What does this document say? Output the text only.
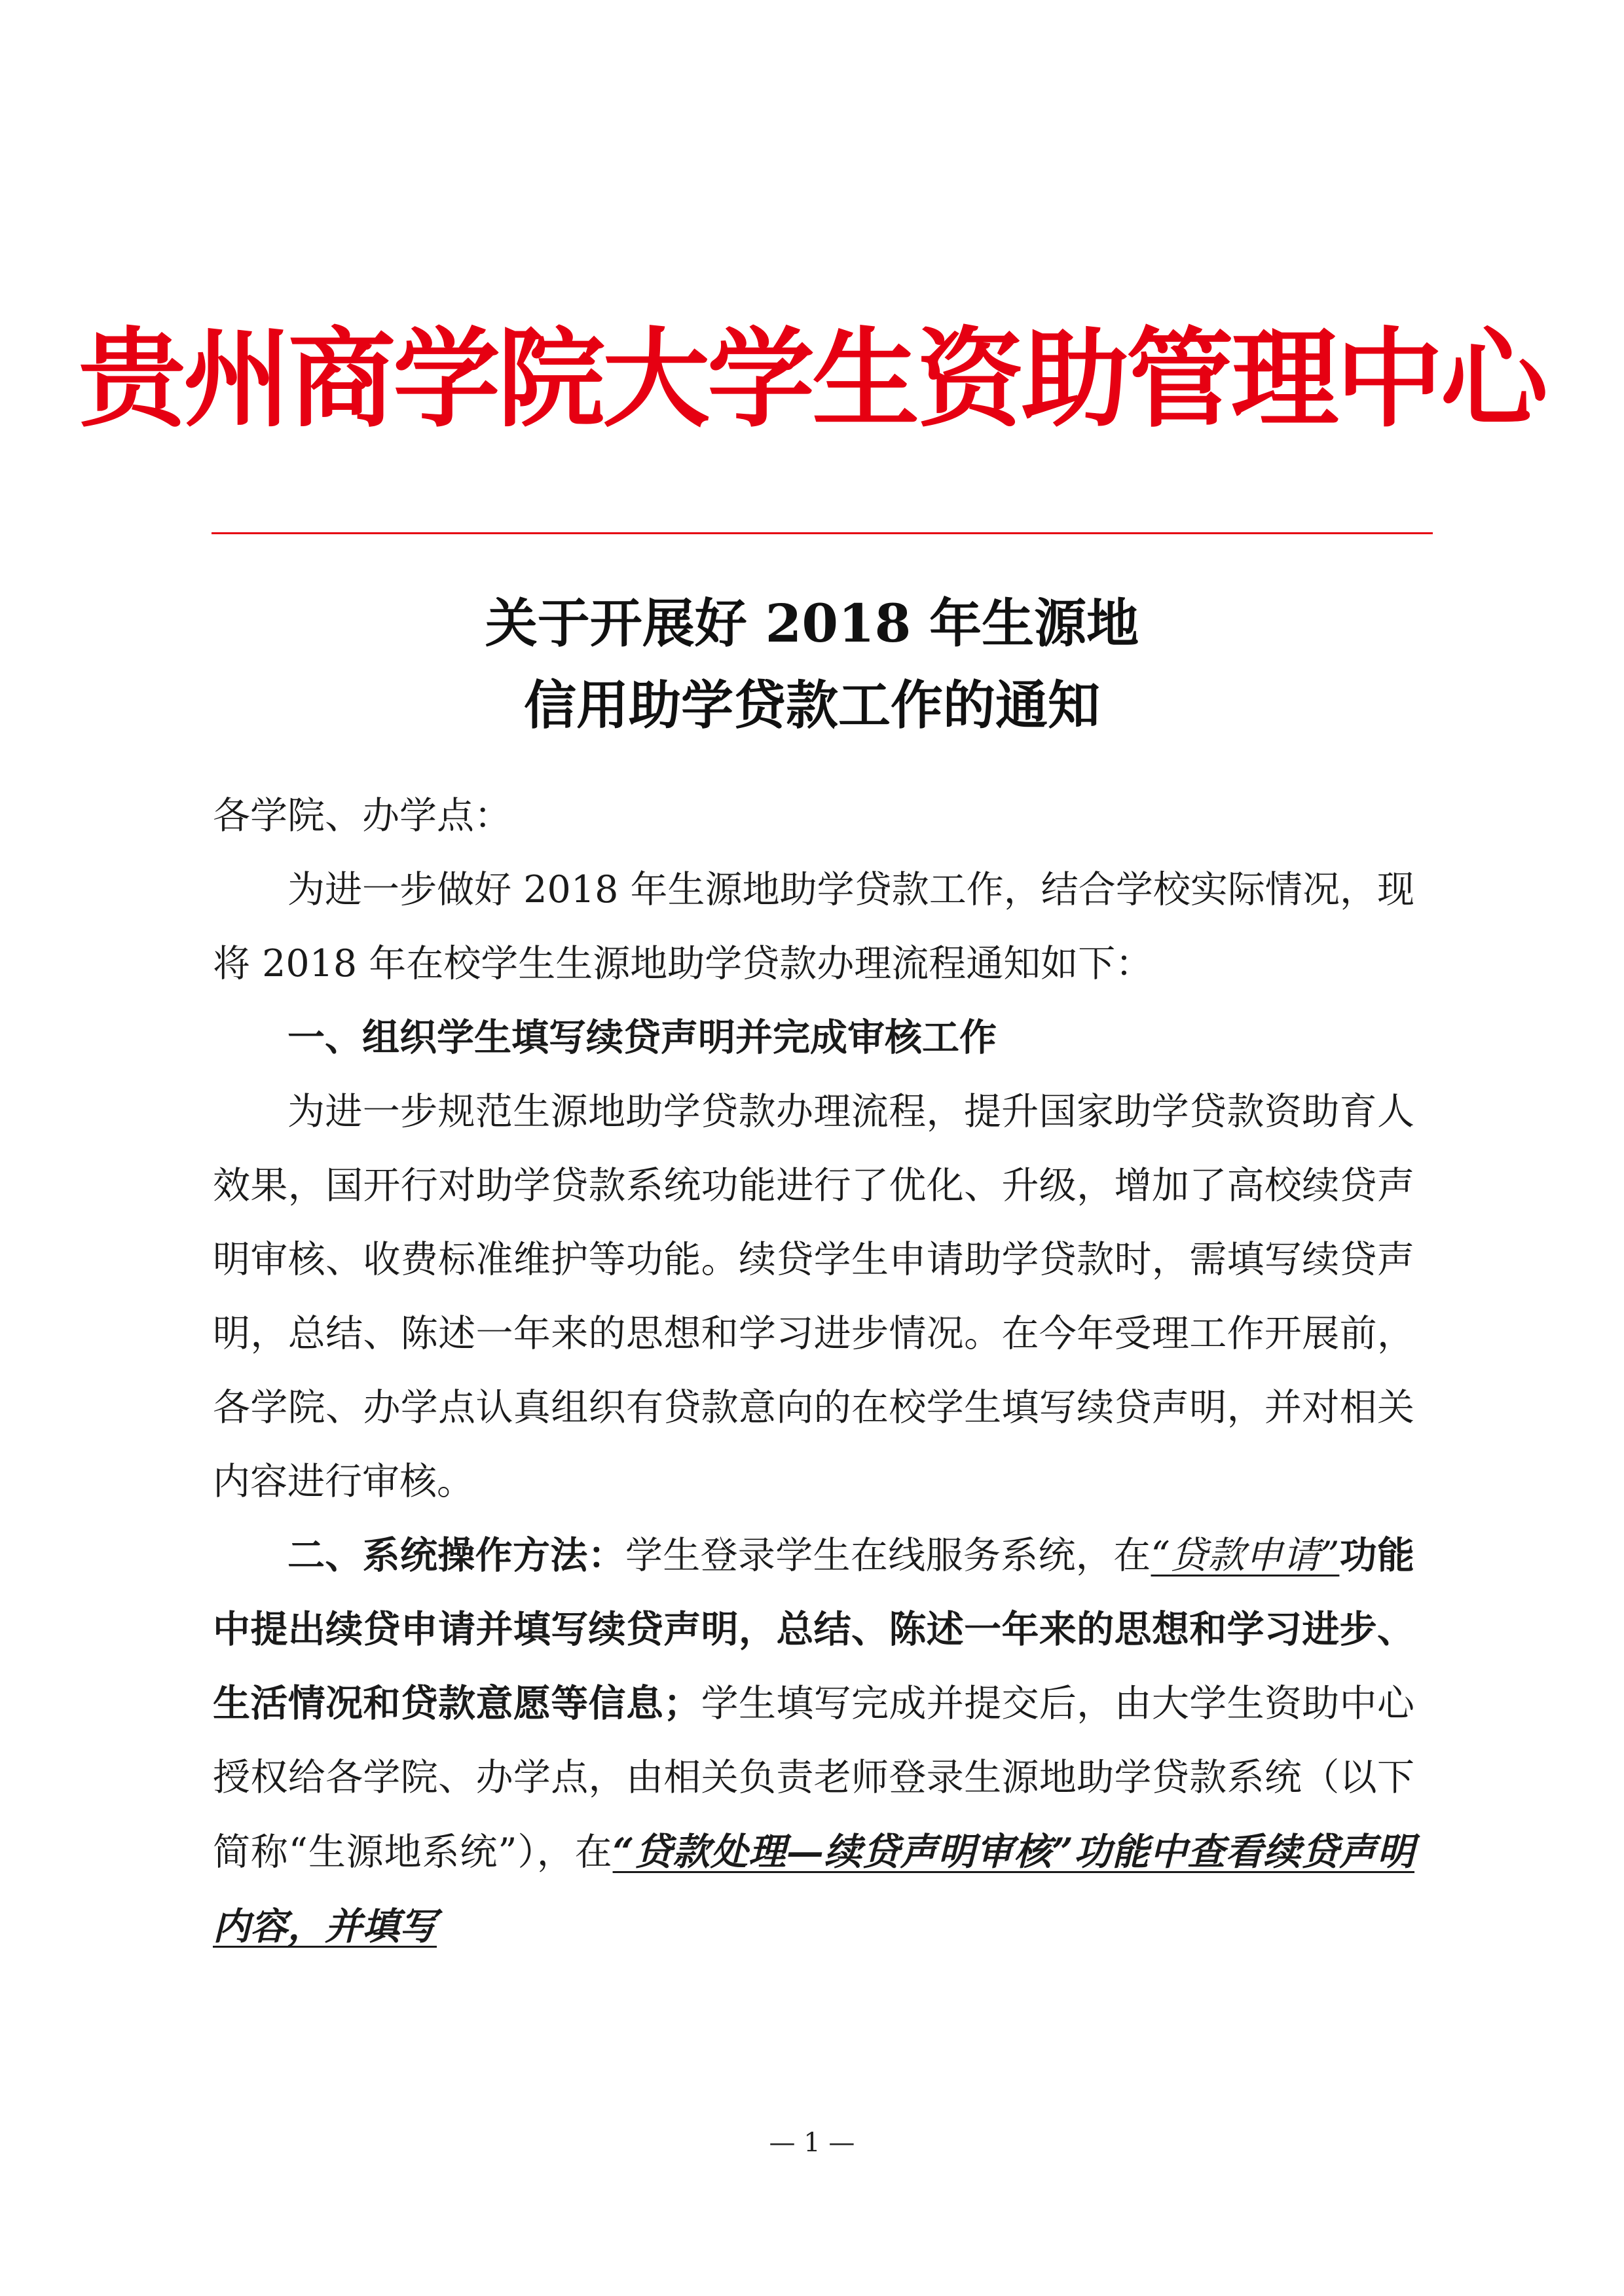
贵州商学院大学生资助管理中心
关于开展好 2018 年生源地
信用助学贷款工作的通知

各学院、办学点：

为进一步做好 2018 年生源地助学贷款工作，结合学校实际情况，现将 2018 年在校学生生源地助学贷款办理流程通知如下：

一、组织学生填写续贷声明并完成审核工作

为进一步规范生源地助学贷款办理流程，提升国家助学贷款资助育人效果，国开行对助学贷款系统功能进行了优化、升级，增加了高校续贷声明审核、收费标准维护等功能。续贷学生申请助学贷款时，需填写续贷声明，总结、陈述一年来的思想和学习进步情况。在今年受理工作开展前，各学院、办学点认真组织有贷款意向的在校学生填写续贷声明，并对相关内容进行审核。

二、系统操作方法：学生登录学生在线服务系统，在“贷款申请”功能中提出续贷申请并填写续贷声明，总结、陈述一年来的思想和学习进步、生活情况和贷款意愿等信息；学生填写完成并提交后，由大学生资助中心授权给各学院、办学点，由相关负责老师登录生源地助学贷款系统（以下简称“生源地系统”），在“贷款处理—续贷声明审核”功能中查看续贷声明内容，并填写

— 1 —
